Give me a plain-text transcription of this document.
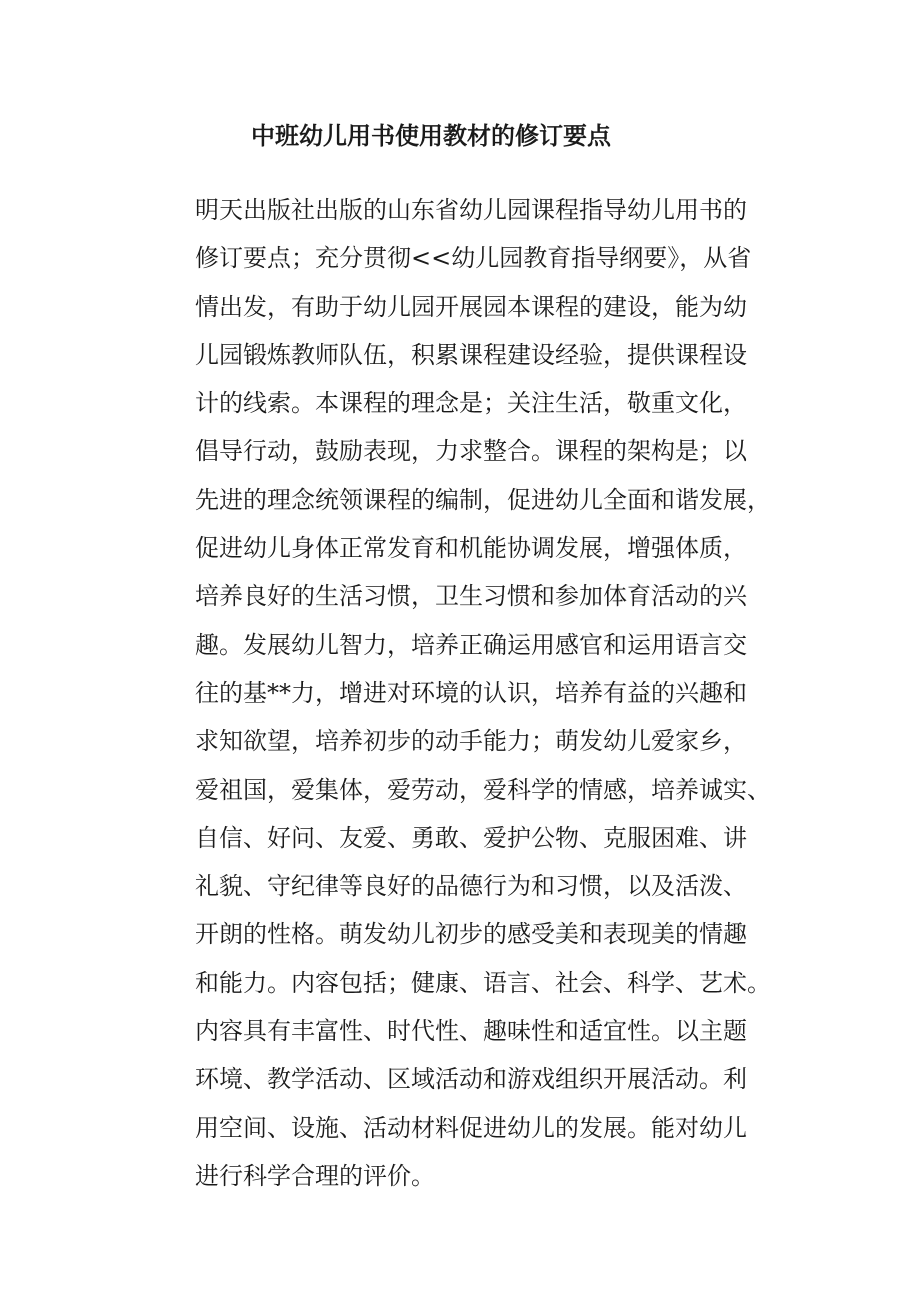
中班幼儿用书使用教材的修订要点
明天出版社出版的山东省幼儿园课程指导幼儿用书的
修订要点；充分贯彻<<幼儿园教育指导纲要》，从省
情出发，有助于幼儿园开展园本课程的建设，能为幼
儿园锻炼教师队伍，积累课程建设经验，提供课程设
计的线索。本课程的理念是；关注生活，敬重文化，
倡导行动，鼓励表现，力求整合。课程的架构是；以
先进的理念统领课程的编制，促进幼儿全面和谐发展，
促进幼儿身体正常发育和机能协调发展，增强体质，
培养良好的生活习惯，卫生习惯和参加体育活动的兴
趣。发展幼儿智力，培养正确运用感官和运用语言交
往的基**力，增进对环境的认识，培养有益的兴趣和
求知欲望，培养初步的动手能力；萌发幼儿爱家乡，
爱祖国，爱集体，爱劳动，爱科学的情感，培养诚实、
自信、好问、友爱、勇敢、爱护公物、克服困难、讲
礼貌、守纪律等良好的品德行为和习惯，以及活泼、
开朗的性格。萌发幼儿初步的感受美和表现美的情趣
和能力。内容包括；健康、语言、社会、科学、艺术。
内容具有丰富性、时代性、趣味性和适宜性。以主题
环境、教学活动、区域活动和游戏组织开展活动。利
用空间、设施、活动材料促进幼儿的发展。能对幼儿
进行科学合理的评价。
